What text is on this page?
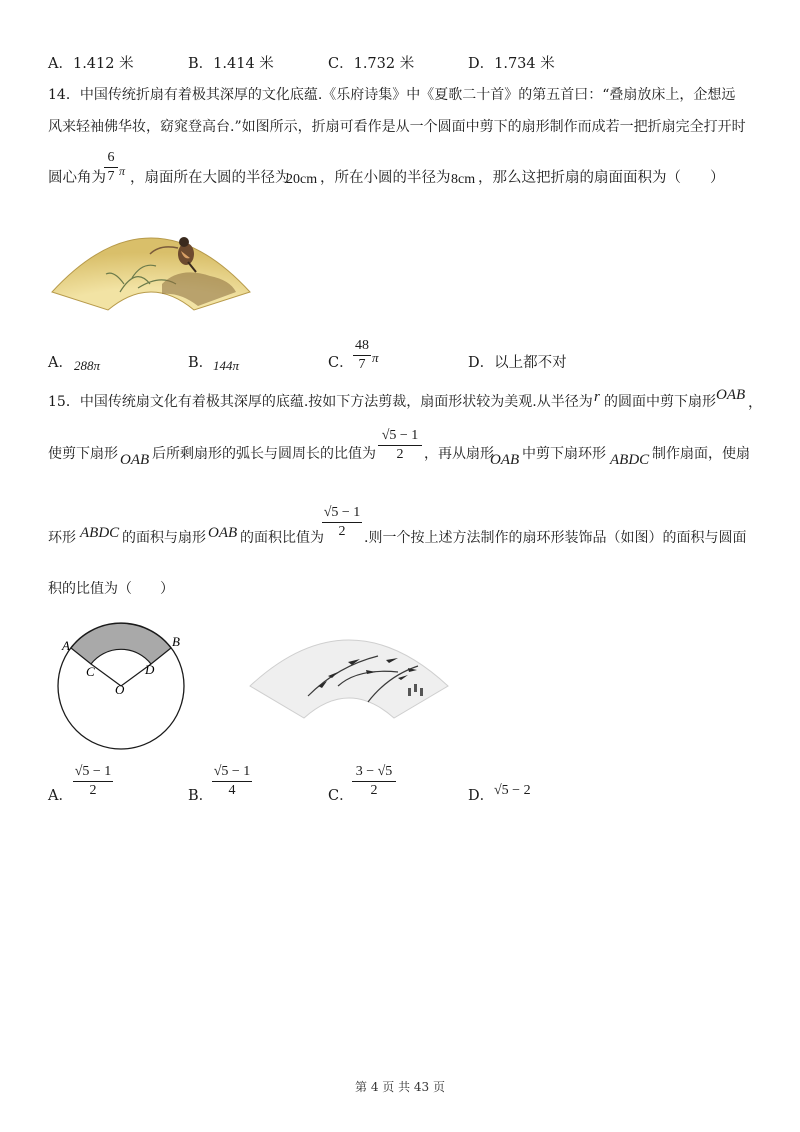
A．1.412 米	B．1.414 米	C．1.732 米	D．1.734 米
14．中国传统折扇有着极其深厚的文化底蕴.《乐府诗集》中《夏歌二十首》的第五首曰：“叠扇放床上，企想远
风来轻袖佛华妆，窈窕登高台.”如图所示，折扇可看作是从一个圆面中剪下的扇形制作而成若一把折扇完全打开时
圆心角为
6
7 π ，扇面所在大圆的半径为
20cm ，所在小圆的半径为 8cm ，那么这把折扇的扇面面积为（　　）
A． 288π	B． 144π	C．
48
7 π	D．以上都不对
15．中国传统扇文化有着极其深厚的底蕴.按如下方法剪裁，扇面形状较为美观.从半径为 r 的圆面中剪下扇形 OAB ，
使剪下扇形 OAB 后所剩扇形的弧长与圆周长的比值为
√5 − 1
2	，再从扇形
OAB 中剪下扇环形 ABDC 制作扇面，使扇
环形 ABDC 的面积与扇形 OAB 的面积比值为
√5 − 1
2	.则一个按上述方法制作的扇环形装饰品（如图）的面积与圆面
积的比值为（　　）
A	B
C	D
O
A．
√5 − 1
2	B．
√5 − 1
4	C．
3 − √5
2	D． √5 − 2
第 4 页 共 43 页
